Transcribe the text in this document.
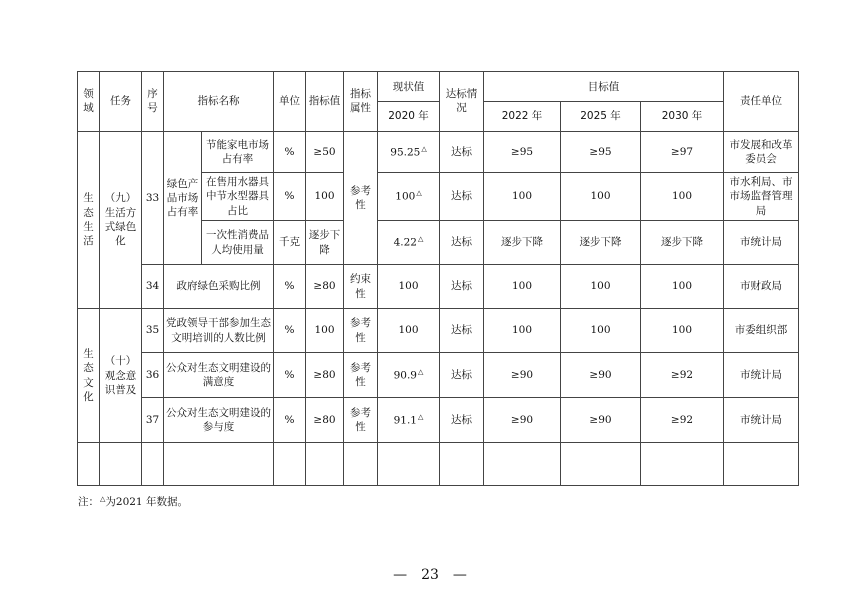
领域	任务	序号	指标名称		单位	指标值	指标属性	现状值	达标情况	目标值			责任单位
								2020 年		2022 年	2025 年	2030 年	
生态生活	（九）生活方式绿色化	33	绿色产品市场占有率	节能家电市场占有率	%	≥50	参考性	95.25△	达标	≥95	≥95	≥97	市发展和改革委员会
				在售用水器具中节水型器具占比	%	100		100△	达标	100	100	100	市水利局、市市场监督管理局
				一次性消费品人均使用量	千克	逐步下降		4.22△	达标	逐步下降	逐步下降	逐步下降	市统计局
		34	政府绿色采购比例		%	≥80	约束性	100	达标	100	100	100	市财政局
生态文化	（十）观念意识普及	35	党政领导干部参加生态文明培训的人数比例		%	100	参考性	100	达标	100	100	100	市委组织部
		36	公众对生态文明建设的满意度		%	≥80	参考性	90.9△	达标	≥90	≥90	≥92	市统计局
		37	公众对生态文明建设的参与度		%	≥80	参考性	91.1△	达标	≥90	≥90	≥92	市统计局

注：△为2021 年数据。
—　23　—
